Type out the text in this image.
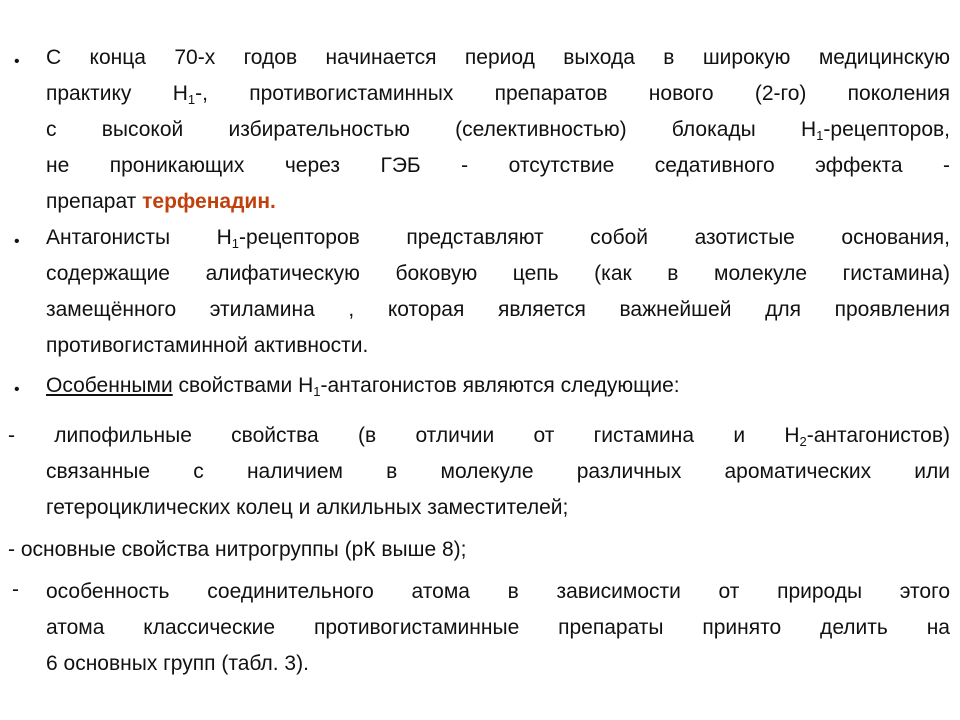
• С конца 70-х годов начинается период выхода в широкую медицинскую
практику $Н_1-$, противогистаминных препаратов нового (2-го) поколения
с высокой избирательностью (селективностью) блокады $Н_1$-рецепторов,
не проникающих через ГЭБ - отсутствие седативного эффекта -
препарат терфенадин.
• Антагонисты $Н_1$-рецепторов представляют собой азотистые основания,
содержащие алифатическую боковую цепь (как в молекуле гистамина)
замещённого этиламина , которая является важнейшей для проявления
противогистаминной активности.
• Особенными свойствами $Н_1$-антагонистов являются следующие:
- липофильные свойства (в отличии от гистамина и $Н_2-антагонистов$)
связанные с наличием в молекуле различных ароматических или
гетероциклических колец и алкильных заместителей;
- основные свойства нитрогруппы (рК выше 8);
- особенность соединительного атома в зависимости от природы этого
атома классические противогистаминные препараты принято делить на
6 основных групп (табл. 3).
